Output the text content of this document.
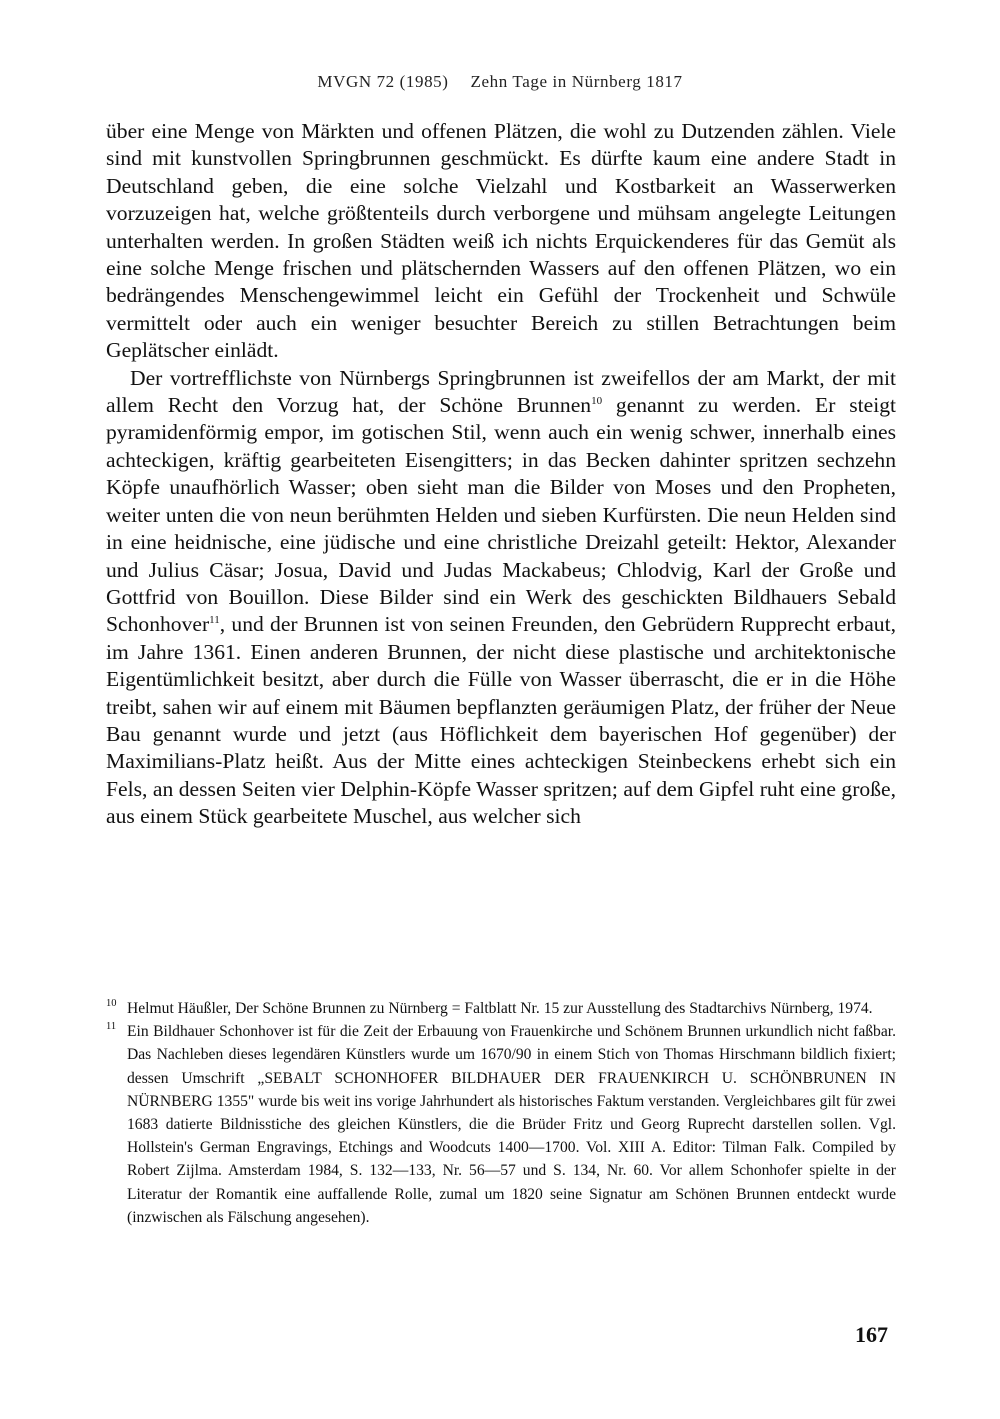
MVGN 72 (1985) Zehn Tage in Nürnberg 1817

über eine Menge von Märkten und offenen Plätzen, die wohl zu Dutzenden zählen. Viele sind mit kunstvollen Springbrunnen geschmückt. Es dürfte kaum eine andere Stadt in Deutschland geben, die eine solche Vielzahl und Kostbarkeit an Wasserwerken vorzuzeigen hat, welche größtenteils durch verborgene und mühsam angelegte Leitungen unterhalten werden. In großen Städten weiß ich nichts Erquickenderes für das Gemüt als eine solche Menge frischen und plätschernden Wassers auf den offenen Plätzen, wo ein bedrängendes Menschengewimmel leicht ein Gefühl der Trockenheit und Schwüle vermittelt oder auch ein weniger besuchter Bereich zu stillen Betrachtungen beim Geplätscher einlädt.

Der vortrefflichste von Nürnbergs Springbrunnen ist zweifellos der am Markt, der mit allem Recht den Vorzug hat, der Schöne Brunnen$^{10}$ genannt zu werden. Er steigt pyramidenförmig empor, im gotischen Stil, wenn auch ein wenig schwer, innerhalb eines achteckigen, kräftig gearbeiteten Eisengitters; in das Becken dahinter spritzen sechzehn Köpfe unaufhörlich Wasser; oben sieht man die Bilder von Moses und den Propheten, weiter unten die von neun berühmten Helden und sieben Kurfürsten. Die neun Helden sind in eine heidnische, eine jüdische und eine christliche Dreizahl geteilt: Hektor, Alexander und Julius Cäsar; Josua, David und Judas Mackabeus; Chlodvig, Karl der Große und Gottfrid von Bouillon. Diese Bilder sind ein Werk des geschickten Bildhauers Sebald Schonhover$^{11}$, und der Brunnen ist von seinen Freunden, den Gebrüdern Rupprecht erbaut, im Jahre 1361. Einen anderen Brunnen, der nicht diese plastische und architektonische Eigentümlichkeit besitzt, aber durch die Fülle von Wasser überrascht, die er in die Höhe treibt, sahen wir auf einem mit Bäumen bepflanzten geräumigen Platz, der früher der Neue Bau genannt wurde und jetzt (aus Höflichkeit dem bayerischen Hof gegenüber) der Maximilians-Platz heißt. Aus der Mitte eines achteckigen Steinbeckens erhebt sich ein Fels, an dessen Seiten vier Delphin-Köpfe Wasser spritzen; auf dem Gipfel ruht eine große, aus einem Stück gearbeitete Muschel, aus welcher sich

10 Helmut Häußler, Der Schöne Brunnen zu Nürnberg = Faltblatt Nr. 15 zur Ausstellung des Stadtarchivs Nürnberg, 1974.

11 Ein Bildhauer Schonhover ist für die Zeit der Erbauung von Frauenkirche und Schönem Brunnen urkundlich nicht faßbar. Das Nachleben dieses legendären Künstlers wurde um 1670/90 in einem Stich von Thomas Hirschmann bildlich fixiert; dessen Umschrift „SEBALT SCHONHOFER BILDHAUER DER FRAUENKIRCH U. SCHÖNBRUNEN IN NÜRNBERG 1355" wurde bis weit ins vorige Jahrhundert als historisches Faktum verstanden. Vergleichbares gilt für zwei 1683 datierte Bildnisstiche des gleichen Künstlers, die die Brüder Fritz und Georg Ruprecht darstellen sollen. Vgl. Hollstein's German Engravings, Etchings and Woodcuts 1400—1700. Vol. XIII A. Editor: Tilman Falk. Compiled by Robert Zijlma. Amsterdam 1984, S. 132—133, Nr. 56—57 und S. 134, Nr. 60. Vor allem Schonhofer spielte in der Literatur der Romantik eine auffallende Rolle, zumal um 1820 seine Signatur am Schönen Brunnen entdeckt wurde (inzwischen als Fälschung angesehen).

167
